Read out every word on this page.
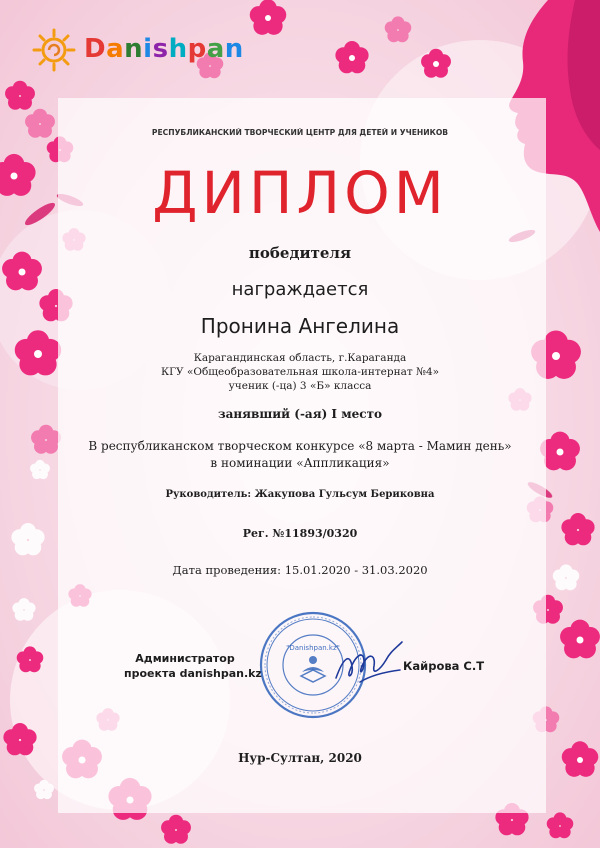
Danishpan
РЕСПУБЛИКАНСКИЙ ТВОРЧЕСКИЙ ЦЕНТР ДЛЯ ДЕТЕЙ И УЧЕНИКОВ
ДИПЛОМ
победителя
награждается
Пронина Ангелина
Карагандинская область, г.Караганда
КГУ «Общеобразовательная школа-интернат №4»
ученик (-ца) 3 «Б» класса
занявший (-ая) I место
В республиканском творческом конкурсе «8 марта - Мамин день»
в номинации «Аппликация»
Руководитель: Жакупова Гульсум Бериковна
Рег. №11893/0320
Дата проведения: 15.01.2020 - 31.03.2020
Администратор
проекта danishpan.kz
"Danishpan.kz"
Кайрова С.Т
Нур-Султан, 2020
